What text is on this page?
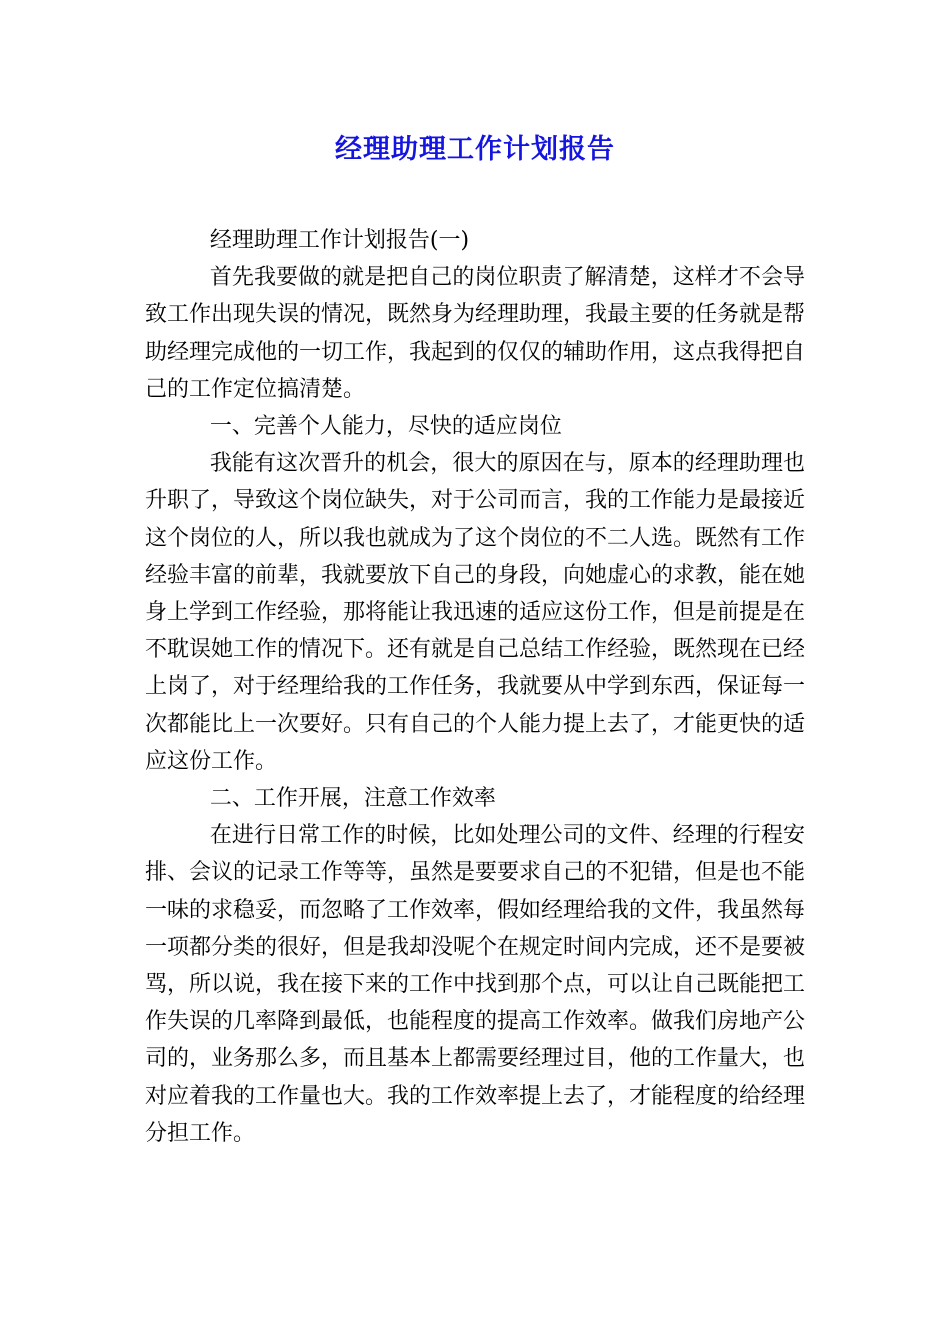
经理助理工作计划报告

经理助理工作计划报告(一)

首先我要做的就是把自己的岗位职责了解清楚，这样才不会导致工作出现失误的情况，既然身为经理助理，我最主要的任务就是帮助经理完成他的一切工作，我起到的仅仅的辅助作用，这点我得把自己的工作定位搞清楚。

一、完善个人能力，尽快的适应岗位

我能有这次晋升的机会，很大的原因在与，原本的经理助理也升职了，导致这个岗位缺失，对于公司而言，我的工作能力是最接近这个岗位的人，所以我也就成为了这个岗位的不二人选。既然有工作经验丰富的前辈，我就要放下自己的身段，向她虚心的求教，能在她身上学到工作经验，那将能让我迅速的适应这份工作，但是前提是在不耽误她工作的情况下。还有就是自己总结工作经验，既然现在已经上岗了，对于经理给我的工作任务，我就要从中学到东西，保证每一次都能比上一次要好。只有自己的个人能力提上去了，才能更快的适应这份工作。

二、工作开展，注意工作效率

在进行日常工作的时候，比如处理公司的文件、经理的行程安排、会议的记录工作等等，虽然是要要求自己的不犯错，但是也不能一味的求稳妥，而忽略了工作效率，假如经理给我的文件，我虽然每一项都分类的很好，但是我却没呢个在规定时间内完成，还不是要被骂，所以说，我在接下来的工作中找到那个点，可以让自己既能把工作失误的几率降到最低，也能程度的提高工作效率。做我们房地产公司的，业务那么多，而且基本上都需要经理过目，他的工作量大，也对应着我的工作量也大。我的工作效率提上去了，才能程度的给经理分担工作。
